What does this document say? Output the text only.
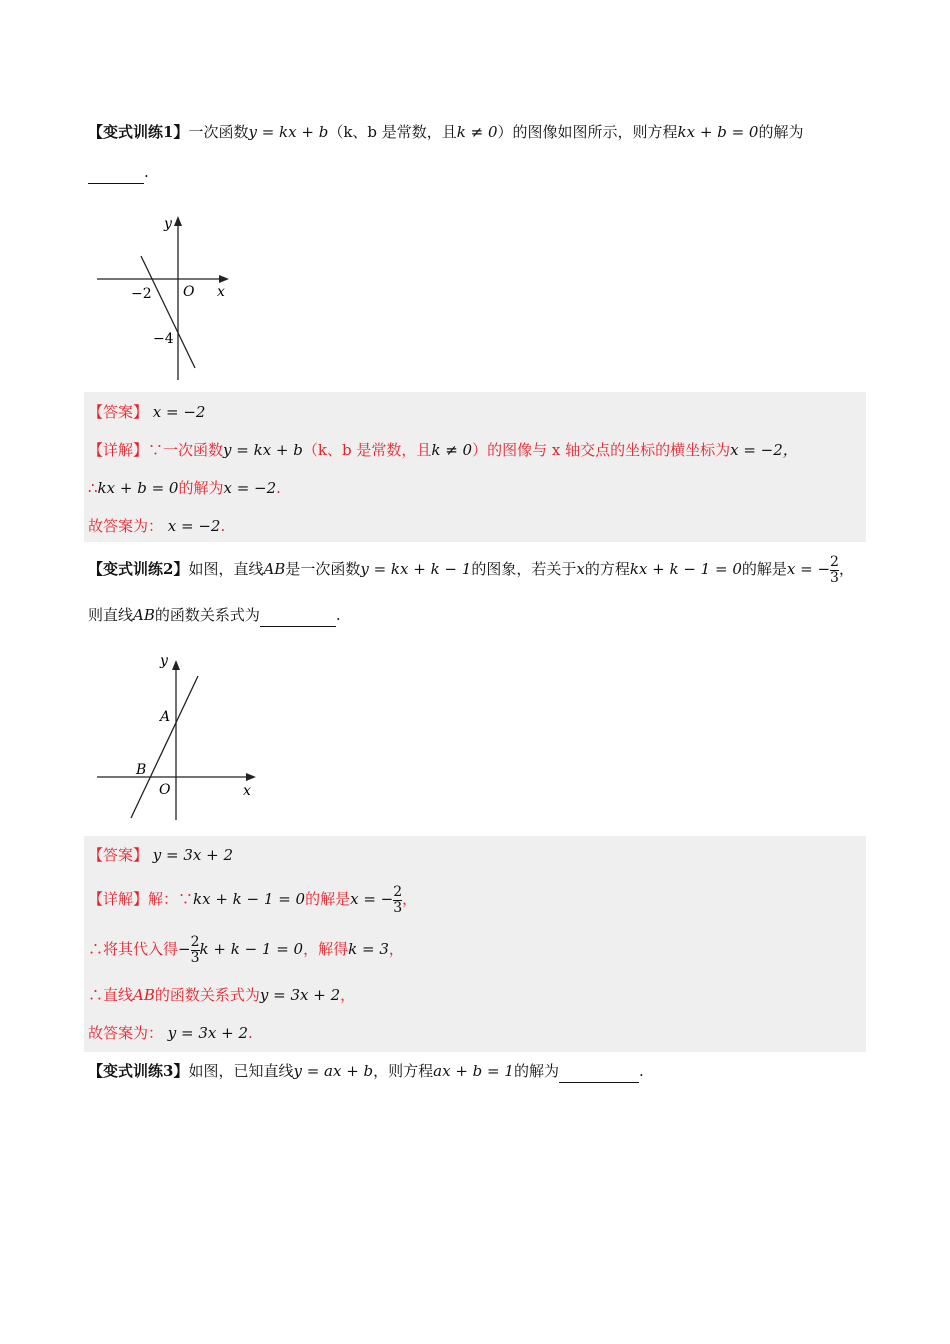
【变式训练1】一次函数y = kx + b（k、b 是常数，且k ≠ 0）的图像如图所示，则方程kx + b = 0的解为
.
y
x
O
−2
−4
【答案】 x = −2
【详解】∵一次函数y = kx + b（k、b 是常数，且k ≠ 0）的图像与 x 轴交点的坐标的横坐标为x = −2，
∴kx + b = 0的解为x = −2.
故答案为： x = −2.
【变式训练2】如图，直线AB是一次函数y = kx + k − 1的图象，若关于x的方程kx + k − 1 = 0的解是x = − $\frac{2}{3}$ ，
则直线AB的函数关系式为	.
y
x
O
A
B
【答案】 y = 3x + 2
【详解】解：∵kx + k − 1 = 0的解是x = − $\frac{2}{3}$ ，
∴将其代入得− $\frac{2}{3}$ k + k − 1 = 0，解得k = 3，
∴直线AB的函数关系式为y = 3x + 2，
故答案为： y = 3x + 2.
【变式训练3】如图，已知直线y = ax + b，则方程ax + b = 1的解为	.
